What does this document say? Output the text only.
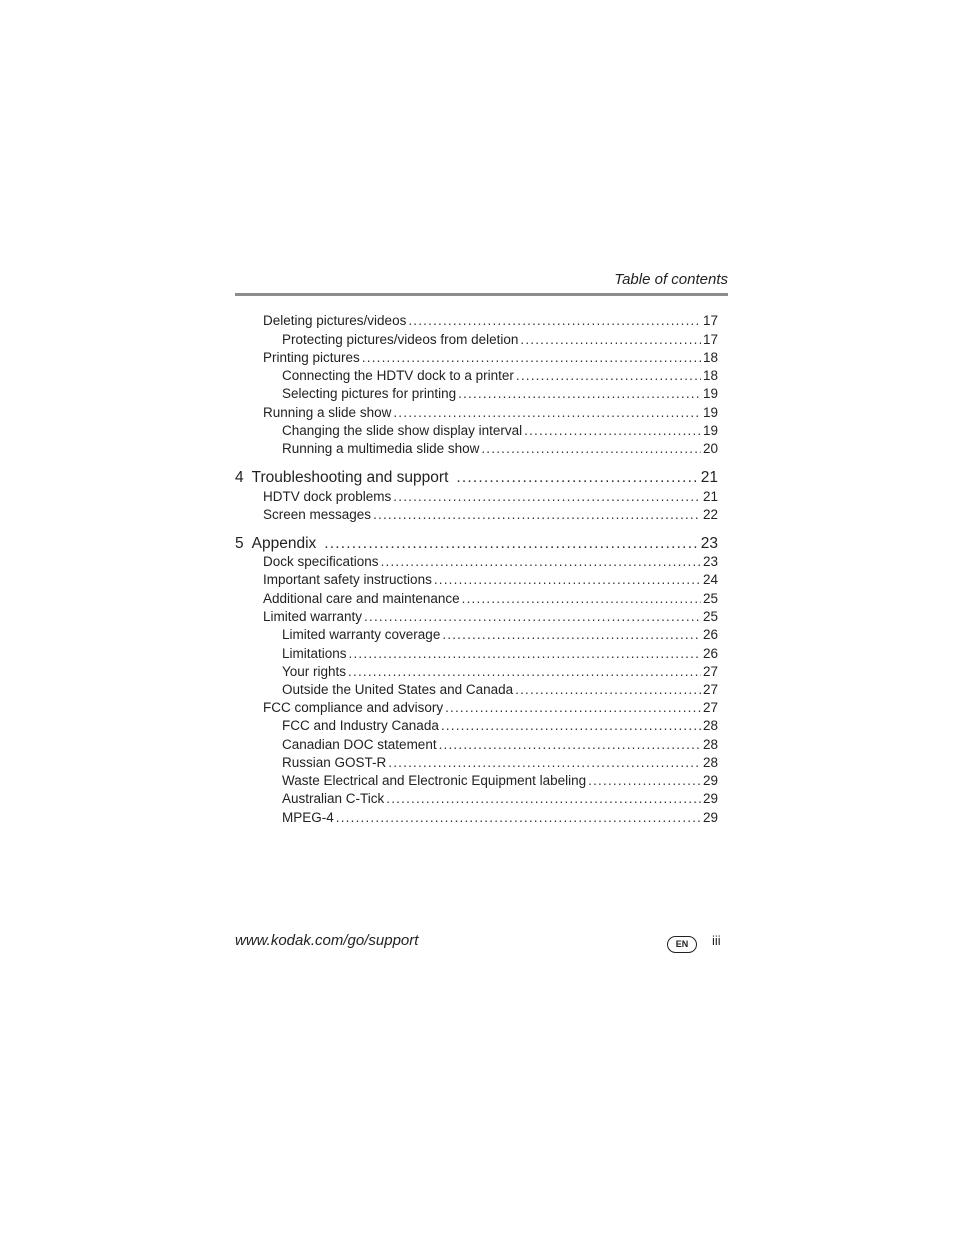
Table of contents
Deleting pictures/videos .....	17
Protecting pictures/videos from deletion .....	17
Printing pictures .....	18
Connecting the HDTV dock to a printer .....	18
Selecting pictures for printing .....	19
Running a slide show .....	19
Changing the slide show display interval .....	19
Running a multimedia slide show .....	20
4 Troubleshooting and support .....	21
HDTV dock problems .....	21
Screen messages .....	22
5 Appendix .....	23
Dock specifications .....	23
Important safety instructions .....	24
Additional care and maintenance .....	25
Limited warranty .....	25
Limited warranty coverage .....	26
Limitations .....	26
Your rights .....	27
Outside the United States and Canada .....	27
FCC compliance and advisory .....	27
FCC and Industry Canada .....	28
Canadian DOC statement .....	28
Russian GOST-R .....	28
Waste Electrical and Electronic Equipment labeling .....	29
Australian C-Tick .....	29
MPEG-4 .....	29
www.kodak.com/go/support	EN	iii
